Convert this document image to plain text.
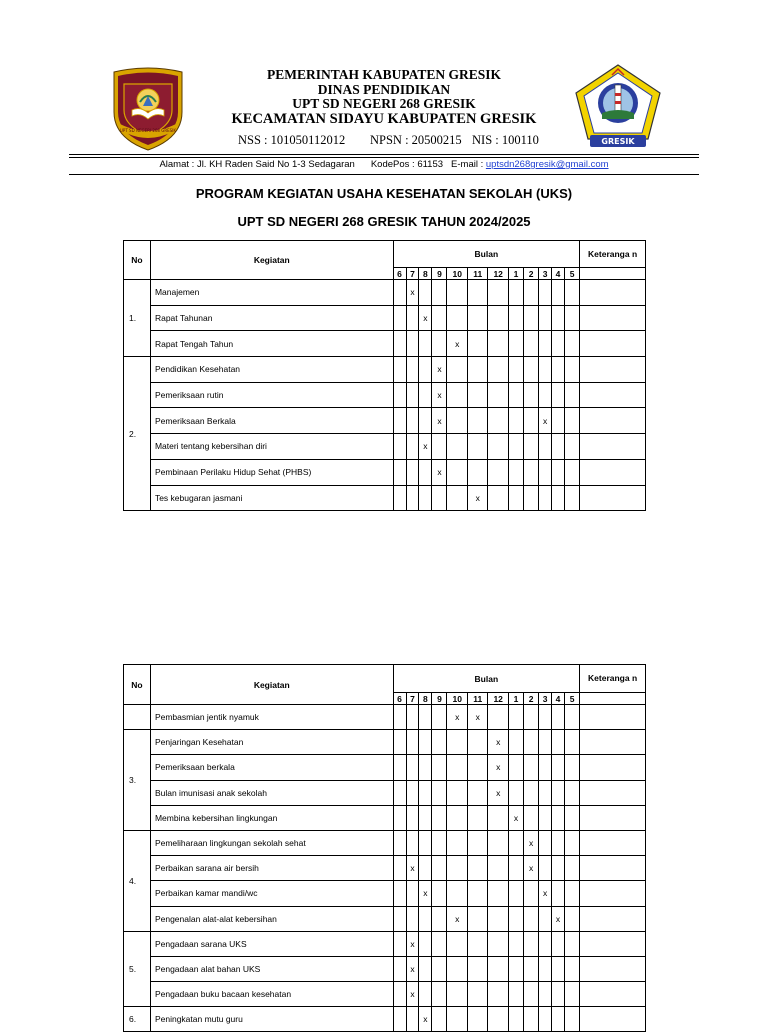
UPT SD NEGERI 268 GRESIK
GRESIK
PEMERINTAH KABUPATEN GRESIK
DINAS PENDIDIKAN
UPT SD NEGERI 268 GRESIK
KECAMATAN SIDAYU KABUPATEN GRESIK
NSS : 101050112012 NPSN : 20500215 NIS : 100110
Alamat : Jl. KH Raden Said No 1-3 Sedagaran KodePos : 61153 E-mail : uptsdn268gresik@gmail.com
PROGRAM KEGIATAN USAHA KESEHATAN SEKOLAH (UKS)
UPT SD NEGERI 268 GRESIK TAHUN 2024/2025
No	Kegiatan	Bulan												Keteranga n
		6	7	8	9	10	11	12	1	2	3	4	5	
1.	Manajemen		x											
	Rapat Tahunan			x										
	Rapat Tengah Tahun					x								
2.	Pendidikan Kesehatan				x									
	Pemeriksaan rutin				x									
	Pemeriksaan Berkala				x						x			
	Materi tentang kebersihan diri			x										
	Pembinaan Perilaku Hidup Sehat (PHBS)				x									
	Tes kebugaran jasmani						x							
No	Kegiatan	Bulan												Keteranga n
		6	7	8	9	10	11	12	1	2	3	4	5	
	Pembasmian jentik nyamuk					x	x							
3.	Penjaringan Kesehatan							x						
	Pemeriksaan berkala							x						
	Bulan imunisasi anak sekolah							x						
	Membina kebersihan lingkungan								x					
4.	Pemeliharaan lingkungan sekolah sehat									x				
	Perbaikan sarana air bersih		x							x				
	Perbaikan kamar mandi/wc			x							x			
	Pengenalan alat-alat kebersihan					x						x		
5.	Pengadaan sarana UKS		x											
	Pengadaan alat bahan UKS		x											
	Pengadaan buku bacaan kesehatan		x											
6.	Peningkatan mutu guru			x										
